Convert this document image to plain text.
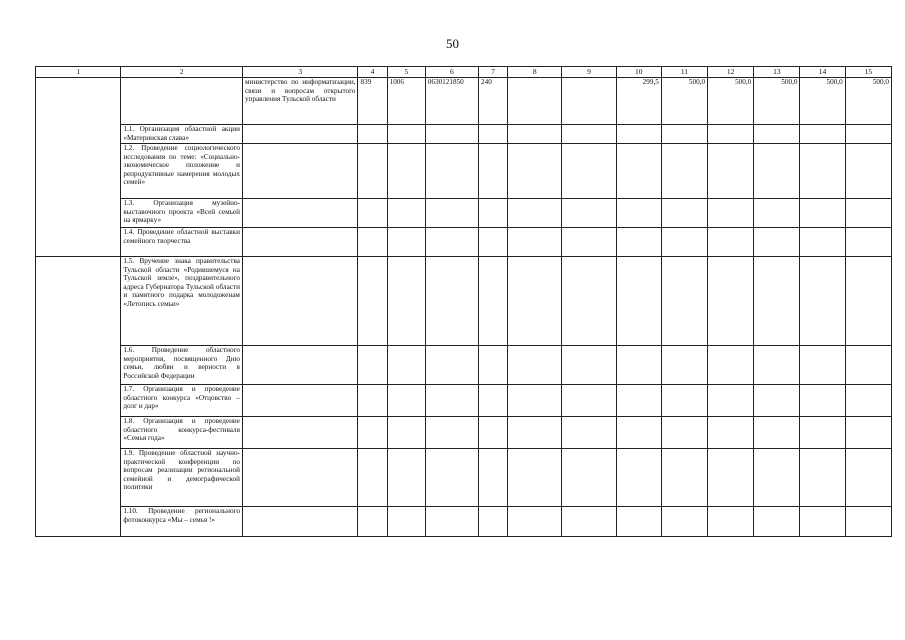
50
1	2	3	4	5	6	7	8	9	10	11	12	13	14	15
		министерство по информатизации, связи и вопросам открытого управления Тульской области	839	1006	0630121850	240			299,5	500,0	500,0	500,0	500,0	500,0
	1.1. Организация областной акции «Материнская слава»													
	1.2. Проведение социологического исследования по теме: «Социально-экономическое положение и репродуктивные намерения молодых семей»													
	1.3. Организация музейно-выставочного проекта «Всей семьей на ярмарку»													
	1.4. Проведение областной выставки семейного творчества													
	1.5. Вручение знака правительства Тульской области «Родившемуся на Тульской земле», поздравительного адреса Губернатора Тульской области и памятного подарка молодоженам «Летопись семьи»													
	1.6. Проведение областного мероприятия, посвященного Дню семьи, любви и верности в Российской Федерации													
	1.7. Организация и проведение областного конкурса «Отцовство – долг и дар»													
	1.8. Организация и проведение областного конкурса-фестиваля «Семья года»													
	1.9. Проведение областной научно-практической конференции по вопросам реализации региональной семейной и демографической политики													
	1.10. Проведение регионального фотоконкурса «Мы – семья !»													
